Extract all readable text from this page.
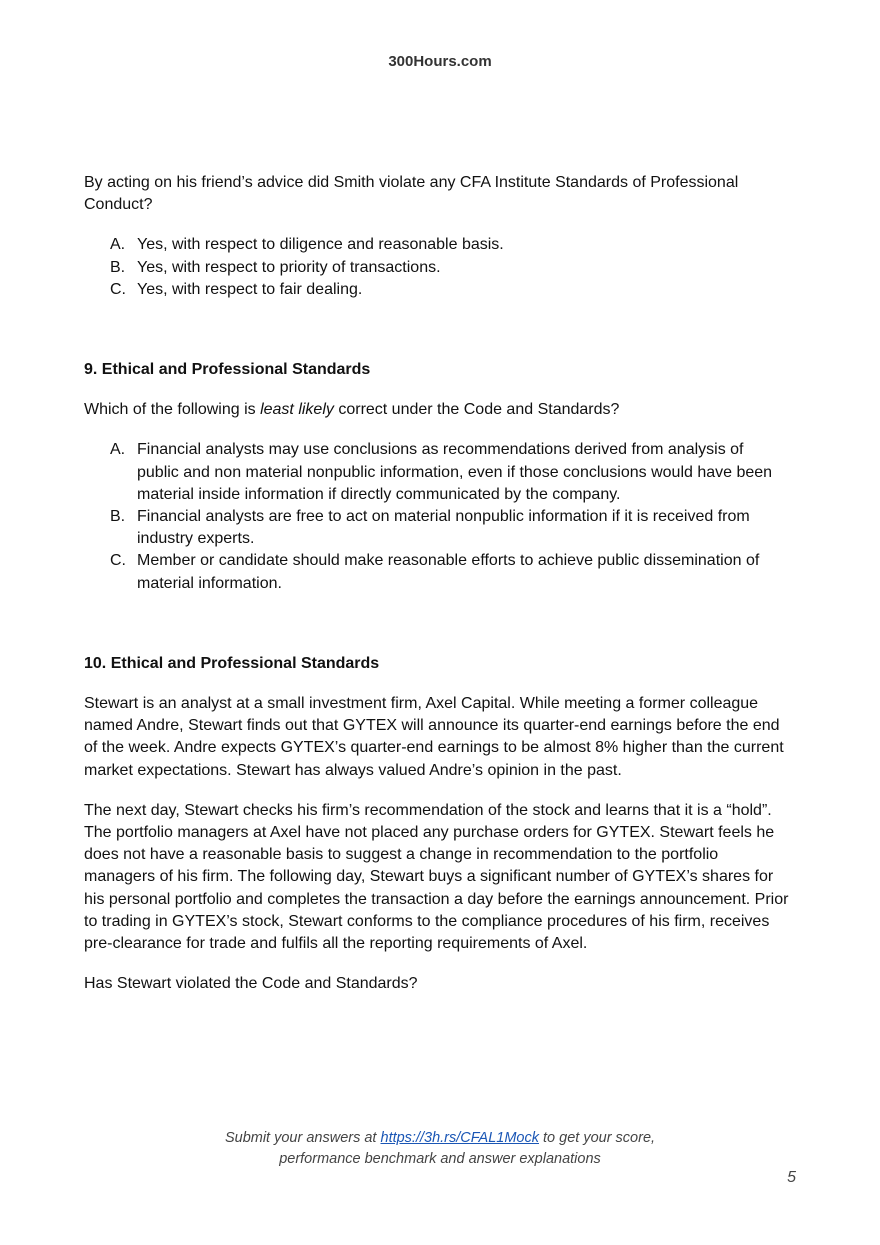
300Hours.com

By acting on his friend’s advice did Smith violate any CFA Institute Standards of Professional Conduct?

A. Yes, with respect to diligence and reasonable basis.
B. Yes, with respect to priority of transactions.
C. Yes, with respect to fair dealing.

9. Ethical and Professional Standards

Which of the following is least likely correct under the Code and Standards?

A. Financial analysts may use conclusions as recommendations derived from analysis of public and non material nonpublic information, even if those conclusions would have been material inside information if directly communicated by the company.
B. Financial analysts are free to act on material nonpublic information if it is received from industry experts.
C. Member or candidate should make reasonable efforts to achieve public dissemination of material information.

10. Ethical and Professional Standards

Stewart is an analyst at a small investment firm, Axel Capital. While meeting a former colleague named Andre, Stewart finds out that GYTEX will announce its quarter-end earnings before the end of the week. Andre expects GYTEX’s quarter-end earnings to be almost 8% higher than the current market expectations. Stewart has always valued Andre’s opinion in the past.

The next day, Stewart checks his firm’s recommendation of the stock and learns that it is a “hold”. The portfolio managers at Axel have not placed any purchase orders for GYTEX. Stewart feels he does not have a reasonable basis to suggest a change in recommendation to the portfolio managers of his firm. The following day, Stewart buys a significant number of GYTEX’s shares for his personal portfolio and completes the transaction a day before the earnings announcement. Prior to trading in GYTEX’s stock, Stewart conforms to the compliance procedures of his firm, receives pre-clearance for trade and fulfils all the reporting requirements of Axel.

Has Stewart violated the Code and Standards?

Submit your answers at https://3h.rs/CFAL1Mock to get your score,
performance benchmark and answer explanations
5
